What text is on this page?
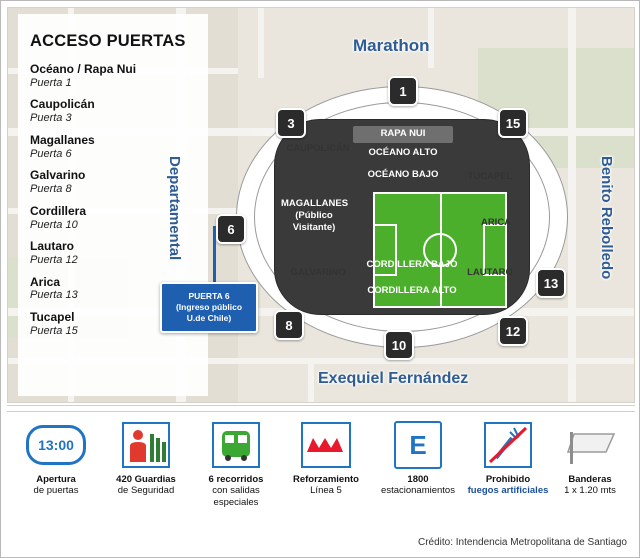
ACCESO PUERTAS
Océano / Rapa Nui
Puerta 1
Caupolicán
Puerta 3
Magallanes
Puerta 6
Galvarino
Puerta 8
Cordillera
Puerta 10
Lautaro
Puerta 12
Arica
Puerta 13
Tucapel
Puerta 15
Marathon
Departamental	Benito Rebolledo
Exequiel Fernández
RAPA NUI
OCÉANO ALTO
OCÉANO BAJO
CORDILLERA BAJO
CORDILLERA ALTO
MAGALLANES
(Público
Visitante)
CAUPOLICÁN
TUCAPEL
ARICA
LAUTARO
GALVARINO
1
3	15
6
8
10
13
12
PUERTA 6
(Ingreso público
U.de Chile)
13:00
Apertura
de puertas
420 Guardias
de Seguridad
6 recorridos
con salidas especiales
Reforzamiento
Línea 5
E
1800
estacionamientos
Prohibido
fuegos artificiales
Banderas
1 x 1.20 mts
Crédito: Intendencia Metropolitana de Santiago
